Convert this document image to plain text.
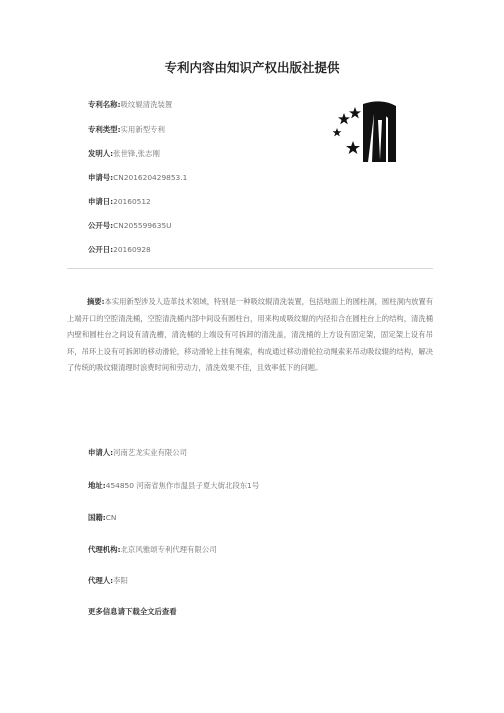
专利内容由知识产权出版社提供
专利名称:吸纹辊清洗装置
专利类型:实用新型专利
发明人:张世锋,张志刚
申请号:CN201620429853.1
申请日:20160512
公开号:CN205599635U
公开日:20160928
摘要:本实用新型涉及人造革技术领域，特别是一种吸纹辊清洗装置，包括地面上的圆柱洞，圆柱洞内放置有上端开口的空腔清洗桶，空腔清洗桶内部中间设有圆柱台，用来构成吸纹辊的内径扣合在圆柱台上的结构，清洗桶内壁和圆柱台之间设有清洗槽，清洗桶的上端设有可拆卸的清洗盖，清洗桶的上方设有固定架，固定架上设有吊环，吊环上设有可拆卸的移动滑轮，移动滑轮上挂有绳索，构成通过移动滑轮拉动绳索来吊动吸纹辊的结构，解决了传统的吸纹辊清理时浪费时间和劳动力，清洗效果不佳，且效率低下的问题。
申请人:河南艺龙实业有限公司
地址:454850 河南省焦作市温县子夏大街北段东1号
国籍:CN
代理机构:北京风雅颂专利代理有限公司
代理人:李阳
更多信息请下载全文后查看
